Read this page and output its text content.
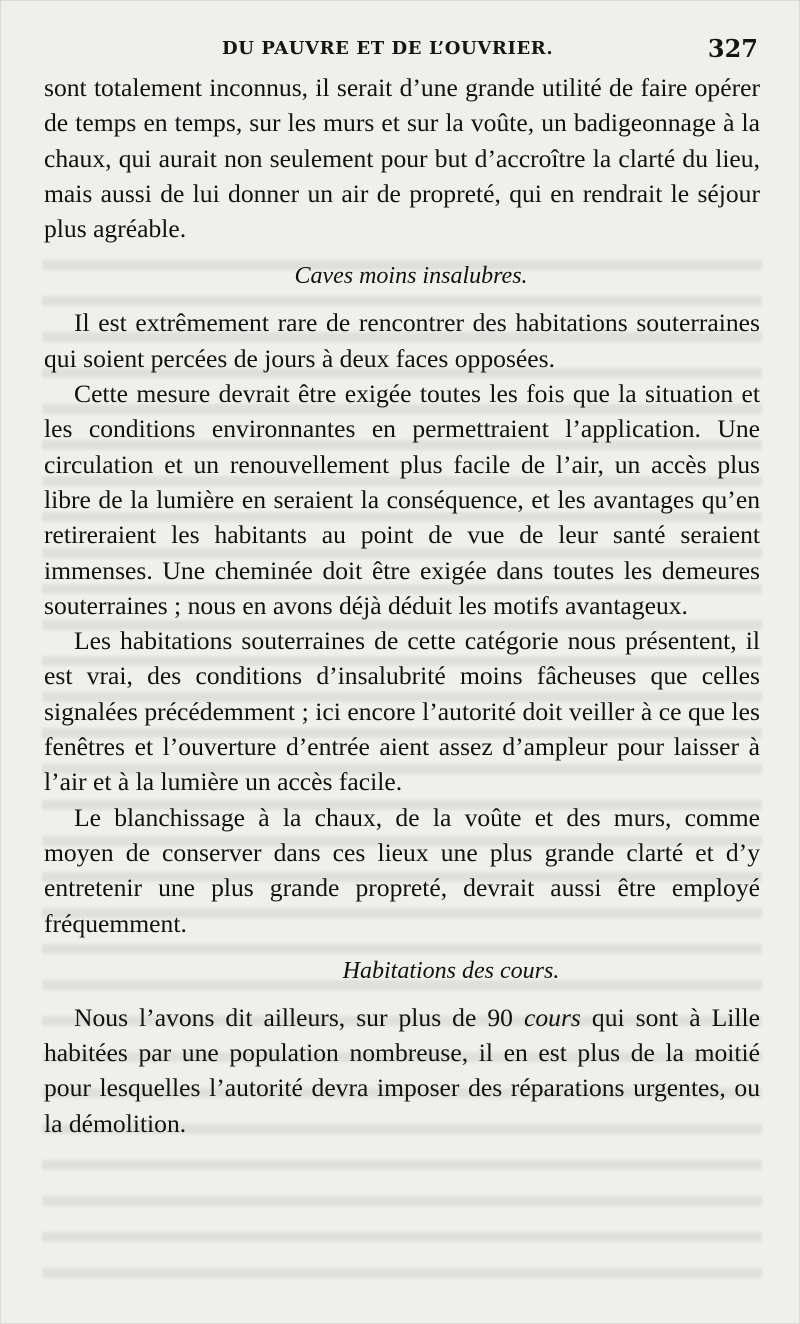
DU PAUVRE ET DE L’OUVRIER.	327

sont totalement inconnus, il serait d’une grande utilité de faire opérer de temps en temps, sur les murs et sur la voûte, un badigeonnage à la chaux, qui aurait non seulement pour but d’accroître la clarté du lieu, mais aussi de lui donner un air de propreté, qui en rendrait le séjour plus agréable.

Caves moins insalubres.

Il est extrêmement rare de rencontrer des habitations souterraines qui soient percées de jours à deux faces opposées.

Cette mesure devrait être exigée toutes les fois que la situation et les conditions environnantes en permettraient l’application. Une circulation et un renouvellement plus facile de l’air, un accès plus libre de la lumière en seraient la conséquence, et les avantages qu’en retireraient les habitants au point de vue de leur santé seraient immenses. Une cheminée doit être exigée dans toutes les demeures souterraines ; nous en avons déjà déduit les motifs avantageux.

Les habitations souterraines de cette catégorie nous présentent, il est vrai, des conditions d’insalubrité moins fâcheuses que celles signalées précédemment ; ici encore l’autorité doit veiller à ce que les fenêtres et l’ouverture d’entrée aient assez d’ampleur pour laisser à l’air et à la lumière un accès facile.

Le blanchissage à la chaux, de la voûte et des murs, comme moyen de conserver dans ces lieux une plus grande clarté et d’y entretenir une plus grande propreté, devrait aussi être employé fréquemment.

Habitations des cours.

Nous l’avons dit ailleurs, sur plus de 90 cours qui sont à Lille habitées par une population nombreuse, il en est plus de la moitié pour lesquelles l’autorité devra imposer des réparations urgentes, ou la démolition.
